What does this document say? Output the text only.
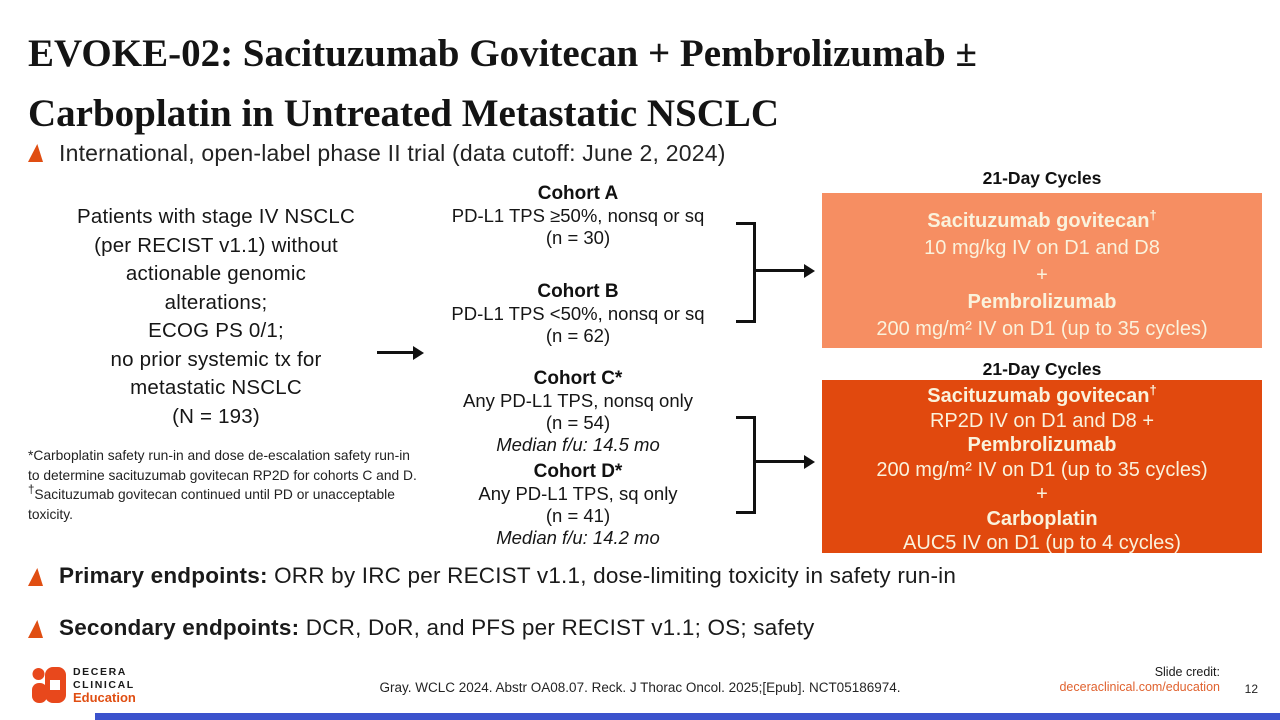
EVOKE-02: Sacituzumab Govitecan + Pembrolizumab ±
Carboplatin in Untreated Metastatic NSCLC
International, open-label phase II trial (data cutoff: June 2, 2024)
Patients with stage IV NSCLC
(per RECIST v1.1) without
actionable genomic
alterations;
ECOG PS 0/1;
no prior systemic tx for
metastatic NSCLC
(N = 193)
*Carboplatin safety run-in and dose de-escalation safety run-in to determine sacituzumab govitecan RP2D for cohorts C and D. †Sacituzumab govitecan continued until PD or unacceptable toxicity.
Cohort A
PD-L1 TPS ≥50%, nonsq or sq
(n = 30)
Cohort B
PD-L1 TPS <50%, nonsq or sq
(n = 62)
Cohort C*
Any PD-L1 TPS, nonsq only
(n = 54)
Median f/u: 14.5 mo
Cohort D*
Any PD-L1 TPS, sq only
(n = 41)
Median f/u: 14.2 mo
21-Day Cycles
21-Day Cycles
Sacituzumab govitecan†
10 mg/kg IV on D1 and D8
+
Pembrolizumab
200 mg/m² IV on D1 (up to 35 cycles)
Sacituzumab govitecan†
RP2D IV on D1 and D8 +
Pembrolizumab
200 mg/m² IV on D1 (up to 35 cycles)
+
Carboplatin
AUC5 IV on D1 (up to 4 cycles)
Primary endpoints: ORR by IRC per RECIST v1.1, dose-limiting toxicity in safety run-in
Secondary endpoints: DCR, DoR, and PFS per RECIST v1.1; OS; safety
DECERA
CLINICAL
Education
Gray. WCLC 2024. Abstr OA08.07. Reck. J Thorac Oncol. 2025;[Epub]. NCT05186974.
Slide credit:
deceraclinical.com/education 12
